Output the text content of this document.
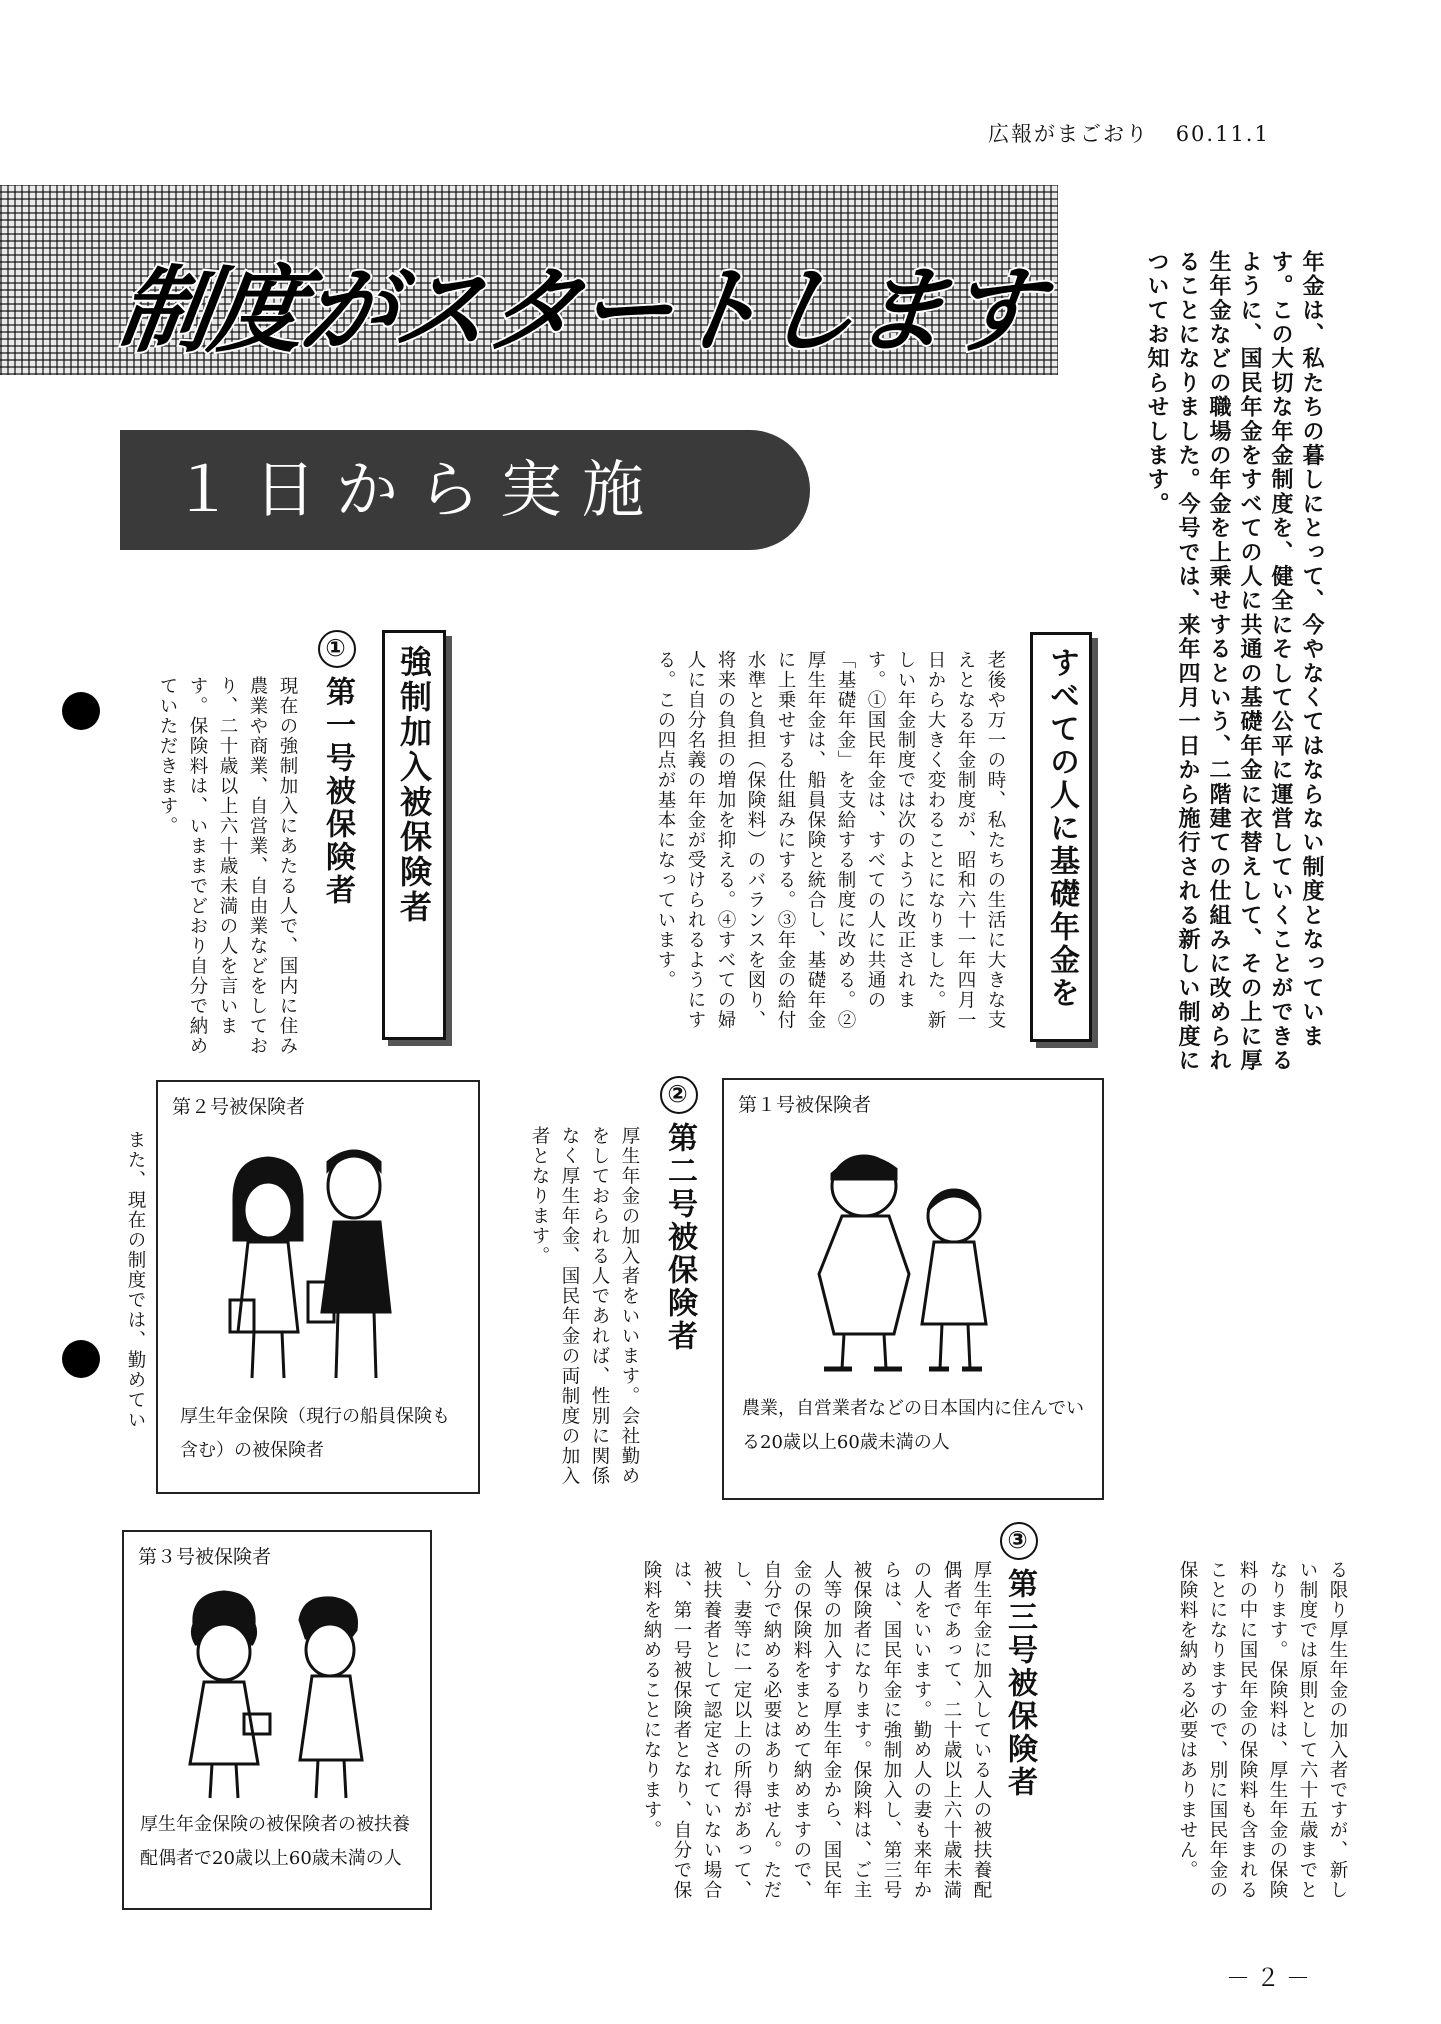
広報がまごおり 60.11.1
制度がスタートします
１日から実施	年金は、私たちの暮しにとって、今やなくてはならない制度となっています。この大切な年金制度を、健全にそして公平に運営していくことができるように、国民年金をすべての人に共通の基礎年金に衣替えして、その上に厚生年金などの職場の年金を上乗せするという、二階建ての仕組みに改められることになりました。今号では、来年四月一日から施行される新しい制度についてお知らせします。
すべての人に基礎年金を
老後や万一の時、私たちの生活に大きな支えとなる年金制度が、昭和六十一年四月一日から大きく変わることになりました。新しい年金制度では次のように改正されます。①国民年金は、すべての人に共通の「基礎年金」を支給する制度に改める。②厚生年金は、船員保険と統合し、基礎年金に上乗せする仕組みにする。③年金の給付水準と負担（保険料）のバランスを図り、将来の負担の増加を抑える。④すべての婦人に自分名義の年金が受けられるようにする。この四点が基本になっています。
強制加入被保険者
①第一号被保険者
現在の強制加入にあたる人で、国内に住み農業や商業、自営業、自由業などをしており、二十歳以上六十歳未満の人を言います。保険料は、いままでどおり自分で納めていただきます。
第１号被保険者
農業，自営業者などの日本国内に住んでいる20歳以上60歳未満の人
②第二号被保険者
厚生年金の加入者をいいます。会社勤めをしておられる人であれば、性別に関係なく厚生年金、国民年金の両制度の加入者となります。
第２号被保険者
厚生年金保険（現行の船員保険も含む）の被保険者
また、現在の制度では、勤めてい
る限り厚生年金の加入者ですが、新しい制度では原則として六十五歳までとなります。保険料は、厚生年金の保険料の中に国民年金の保険料も含まれることになりますので、別に国民年金の保険料を納める必要はありません。
③第三号被保険者
厚生年金に加入している人の被扶養配偶者であって、二十歳以上六十歳未満の人をいいます。勤め人の妻も来年からは、国民年金に強制加入し、第三号被保険者になります。保険料は、ご主人等の加入する厚生年金から、国民年金の保険料をまとめて納めますので、自分で納める必要はありません。ただし、妻等に一定以上の所得があって、被扶養者として認定されていない場合は、第一号被保険者となり、自分で保険料を納めることになります。
第３号被保険者
厚生年金保険の被保険者の被扶養配偶者で20歳以上60歳未満の人
－２－
